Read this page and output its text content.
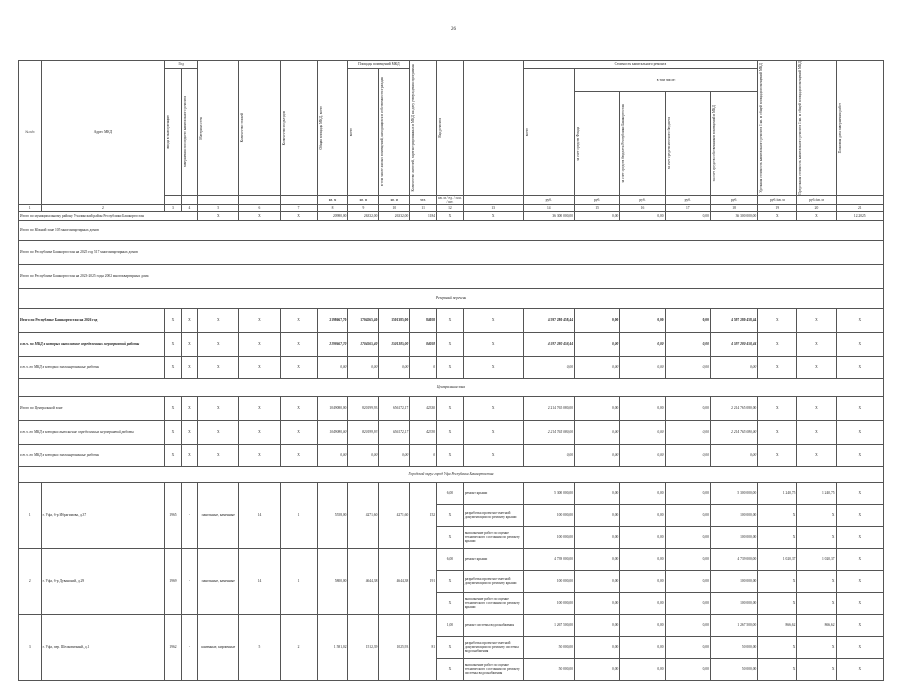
26
№ п/п	Адрес МКД	Год		Материал стен	Количество этажей	Количество подъездов	Общая площадь МКД, всего	Площадь помещений МКД		Количество жителей, зарегистрированных в МКД на дату утверждения программы	Вид ремонта		Стоимость капитального ремонта					Удельная стоимость капитального ремонта 1 кв. м общей площади помещений МКД	Предельная стоимость капитального ремонта 1 кв. м общей площади помещений МКД	Плановая дата завершения работ

		ввода в эксплуатацию	завершения последнего капитального ремонта					всего	в том числе жилых помещений, находящихся в собственности граждан				всего	в том числе:						

														за счет средств Фонда	за счет средств бюджета Республики Башкортостан	за счет средств местного бюджета	за счет средств собственников помещений в МКД			

							кв. м	кв. м	кв. м	чел.	кв. м / ед. / п.м. / шт.		руб.	руб.	руб.	руб.	руб.	руб./кв. м	руб./кв. м	
1	2	3	4	5	6	7	8	9	10	11	12	13	14	15	16	17	18	19	20	21
Итого по муниципальному району Учалинский район Республики Башкортостан				Х	Х	Х	20980,00	26332,00	26332,00	1184	Х	Х	36 300 000,00	0,00	0,00	0,00	36 300 000,00	Х	Х	12.2025
Итого по Южной зоне 105 многоквартирных домов																				
Итого по Республике Башкортостан на 2025 год 517 многоквартирных домов																				
Итого по Республике Башкортостан на 2023-2025 годы 2002 многоквартирных дома																				
Резервный перечень																				
Итого по Республике Башкортостан на 2026 год		Х	Х	Х	Х	Х	2198667,70	1704565,40	1501385,00	84058	Х	Х	4 597 280 458,44	0,00	0,00	0,00	4 597 280 458,44	Х	Х	Х
в т.ч. по МКД в которых выполнение определенных мероприятий работы		Х	Х	Х	Х	Х	2198667,70	1704565,40	1501385,00	84058	Х	Х	4 597 280 458,44	0,00	0,00	0,00	4 597 280 458,44	Х	Х	Х
в т.ч. по МКД в которых запланированные работы		Х	Х	Х	Х	Х	0,00	0,00	0,00	0	Х	Х	0,00	0,00	0,00	0,00	0,00	Х	Х	Х
Центральная зона																				
Итого по Центральной зоне		Х	Х	Х	Х	Х	1049080,00	820199,93	656172,17	42330	Х	Х	2 214 765 080,00	0,00	0,00	0,00	2 214 765 080,00	Х	Х	Х
в т.ч. по МКД в которых выполнение определенных мероприятий работы		Х	Х	Х	Х	Х	1049080,00	820199,93	656172,17	42330	Х	Х	2 214 765 080,00	0,00	0,00	0,00	2 214 765 080,00	Х	Х	Х
в т.ч. по МКД в которых запланированные работы		Х	Х	Х	Х	Х	0,00	0,00	0,00	0	Х	Х	0,00	0,00	0,00	0,00	0,00	Х	Х	Х
Городской округ город Уфа Республики Башкортостан																				
1	г. Уфа, б-р Ибрагимова, д.37	1965	-	панельные, каменные	14	1	5558,00	4271,60	4271,60	152	6,00	ремонт крыши	5 300 000,00	0,00	0,00	0,00	5 300 000,00	1 240,75	1 240,75	Х
											Х	разработка проектно-сметной документации по ремонту крыши	100 000,00	0,00	0,00	0,00	100 000,00	Х	Х	Х
											Х	выполнение работ по оценке технического состояния по ремонту крыши	100 000,00	0,00	0,00	0,00	100 000,00	Х	Х	Х
2	г. Уфа, б-р Дуванский, д.29	1969	-	панельные, каменные	14	1	5800,00	4644,38	4644,38	191	6,00	ремонт крыши	4 739 000,00	0,00	0,00	0,00	4 739 000,00	1 020,37	1 020,37	Х
											Х	разработка проектно-сметной документации по ремонту крыши	100 000,00	0,00	0,00	0,00	100 000,00	Х	Х	Х
											Х	выполнение работ по оценке технического состояния по ремонту крыши	100 000,00	0,00	0,00	0,00	100 000,00	Х	Х	Х
3	г. Уфа, пер. Шелковичный, д.1	1962	-	каменные, кирпичные	5	2	1 581,02	1512,39	1025,93	81	1,00	ремонт системы водоснабжения	1 267 500,00	0,00	0,00	0,00	1 267 500,00	866,62	866,62	Х
											Х	разработка проектно-сметной документации по ремонту системы водоснабжения	50 000,00	0,00	0,00	0,00	50 000,00	Х	Х	Х
											Х	выполнение работ по оценке технического состояния по ремонту системы водоснабжения	50 000,00	0,00	0,00	0,00	50 000,00	Х	Х	Х
